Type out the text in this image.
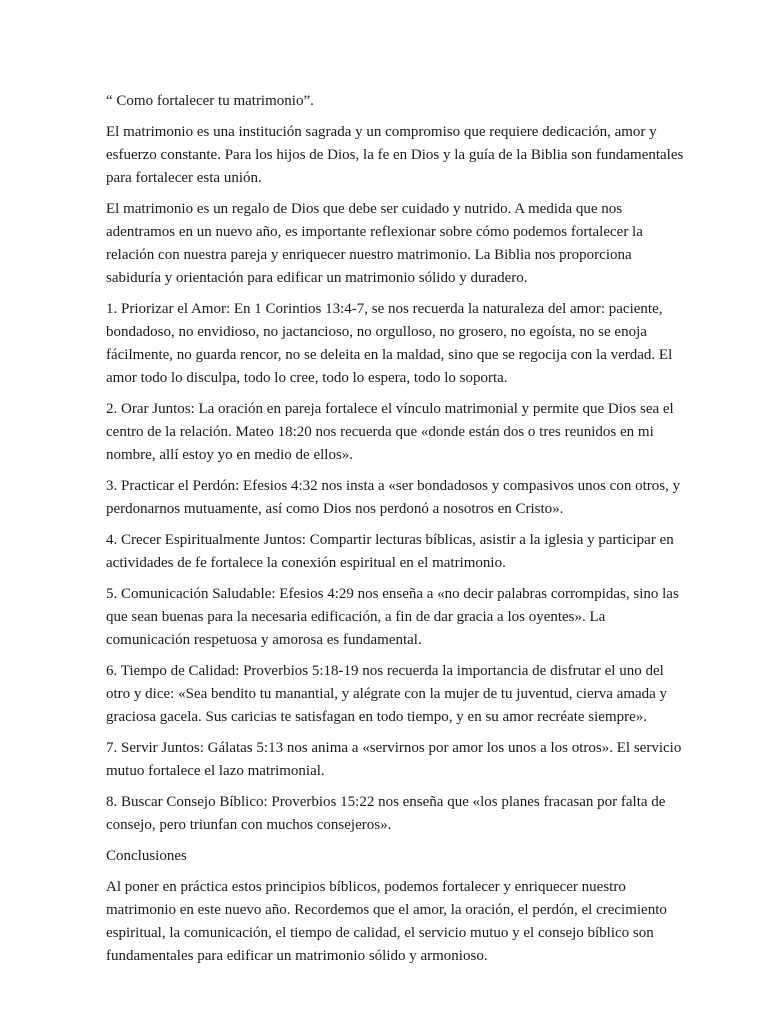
“ Como fortalecer tu matrimonio”.

El matrimonio es una institución sagrada y un compromiso que requiere dedicación, amor y esfuerzo constante. Para los hijos de Dios, la fe en Dios y la guía de la Biblia son fundamentales para fortalecer esta unión.

El matrimonio es un regalo de Dios que debe ser cuidado y nutrido. A medida que nos adentramos en un nuevo año, es importante reflexionar sobre cómo podemos fortalecer la relación con nuestra pareja y enriquecer nuestro matrimonio. La Biblia nos proporciona sabiduría y orientación para edificar un matrimonio sólido y duradero.

1. Priorizar el Amor: En 1 Corintios 13:4-7, se nos recuerda la naturaleza del amor: paciente, bondadoso, no envidioso, no jactancioso, no orgulloso, no grosero, no egoísta, no se enoja fácilmente, no guarda rencor, no se deleita en la maldad, sino que se regocija con la verdad. El amor todo lo disculpa, todo lo cree, todo lo espera, todo lo soporta.

2. Orar Juntos: La oración en pareja fortalece el vínculo matrimonial y permite que Dios sea el centro de la relación. Mateo 18:20 nos recuerda que «donde están dos o tres reunidos en mi nombre, allí estoy yo en medio de ellos».

3. Practicar el Perdón: Efesios 4:32 nos insta a «ser bondadosos y compasivos unos con otros, y perdonarnos mutuamente, así como Dios nos perdonó a nosotros en Cristo».

4. Crecer Espiritualmente Juntos: Compartir lecturas bíblicas, asistir a la iglesia y participar en actividades de fe fortalece la conexión espiritual en el matrimonio.

5. Comunicación Saludable: Efesios 4:29 nos enseña a «no decir palabras corrompidas, sino las que sean buenas para la necesaria edificación, a fin de dar gracia a los oyentes». La comunicación respetuosa y amorosa es fundamental.

6. Tiempo de Calidad: Proverbios 5:18-19 nos recuerda la importancia de disfrutar el uno del otro y dice: «Sea bendito tu manantial, y alégrate con la mujer de tu juventud, cierva amada y graciosa gacela. Sus caricias te satisfagan en todo tiempo, y en su amor recréate siempre».

7. Servir Juntos: Gálatas 5:13 nos anima a «servirnos por amor los unos a los otros». El servicio mutuo fortalece el lazo matrimonial.

8. Buscar Consejo Bíblico: Proverbios 15:22 nos enseña que «los planes fracasan por falta de consejo, pero triunfan con muchos consejeros».

Conclusiones

Al poner en práctica estos principios bíblicos, podemos fortalecer y enriquecer nuestro matrimonio en este nuevo año. Recordemos que el amor, la oración, el perdón, el crecimiento espiritual, la comunicación, el tiempo de calidad, el servicio mutuo y el consejo bíblico son fundamentales para edificar un matrimonio sólido y armonioso.
